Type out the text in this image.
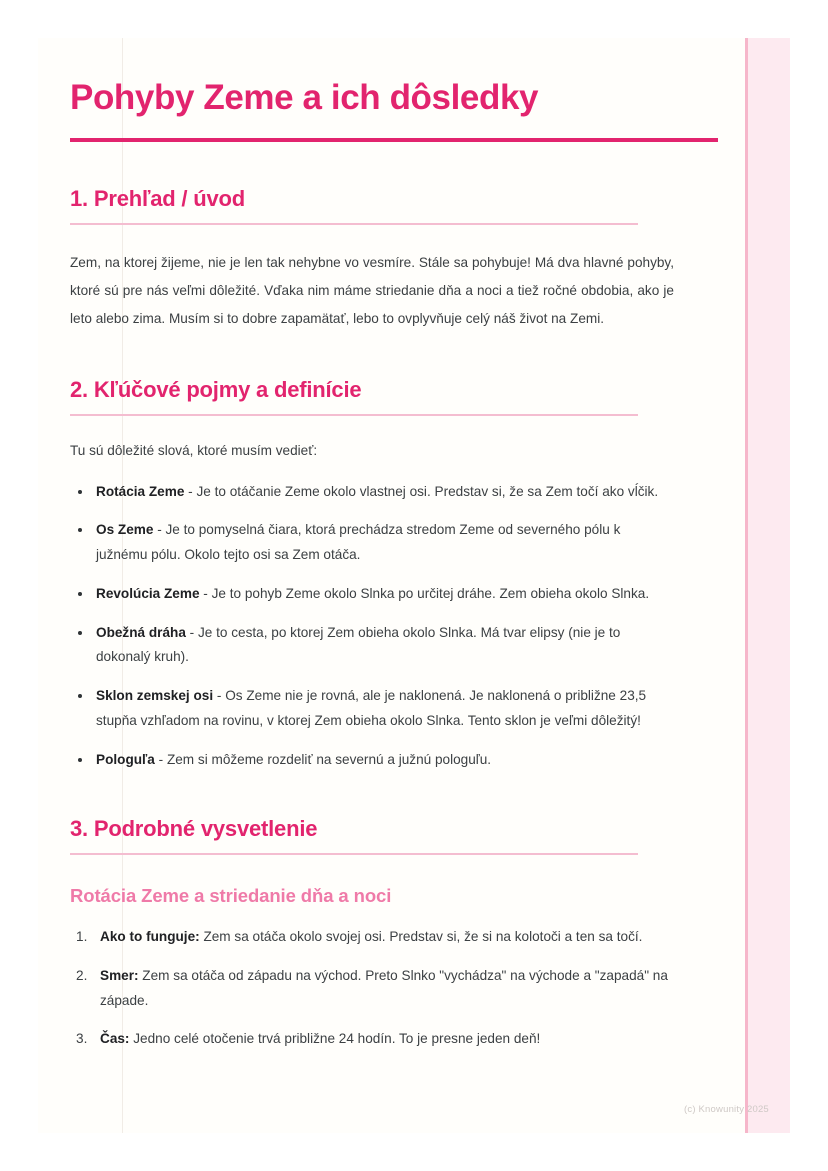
Pohyby Zeme a ich dôsledky
1. Prehľad / úvod

Zem, na ktorej žijeme, nie je len tak nehybne vo vesmíre. Stále sa pohybuje! Má dva hlavné pohyby, ktoré sú pre nás veľmi dôležité. Vďaka nim máme striedanie dňa a noci a tiež ročné obdobia, ako je leto alebo zima. Musím si to dobre zapamätať, lebo to ovplyvňuje celý náš život na Zemi.

2. Kľúčové pojmy a definície

Tu sú dôležité slová, ktoré musím vedieť:

Rotácia Zeme - Je to otáčanie Zeme okolo vlastnej osi. Predstav si, že sa Zem točí ako vĺčik.
Os Zeme - Je to pomyselná čiara, ktorá prechádza stredom Zeme od severného pólu k južnému pólu. Okolo tejto osi sa Zem otáča.
Revolúcia Zeme - Je to pohyb Zeme okolo Slnka po určitej dráhe. Zem obieha okolo Slnka.
Obežná dráha - Je to cesta, po ktorej Zem obieha okolo Slnka. Má tvar elipsy (nie je to dokonalý kruh).
Sklon zemskej osi - Os Zeme nie je rovná, ale je naklonená. Je naklonená o približne 23,5 stupňa vzhľadom na rovinu, v ktorej Zem obieha okolo Slnka. Tento sklon je veľmi dôležitý!
Pologuľa - Zem si môžeme rozdeliť na severnú a južnú pologuľu.
3. Podrobné vysvetlenie
Rotácia Zeme a striedanie dňa a noci
Ako to funguje: Zem sa otáča okolo svojej osi. Predstav si, že si na kolotoči a ten sa točí.
Smer: Zem sa otáča od západu na východ. Preto Slnko "vychádza" na východe a "zapadá" na západe.
Čas: Jedno celé otočenie trvá približne 24 hodín. To je presne jeden deň!
(c) Knowunity 2025
